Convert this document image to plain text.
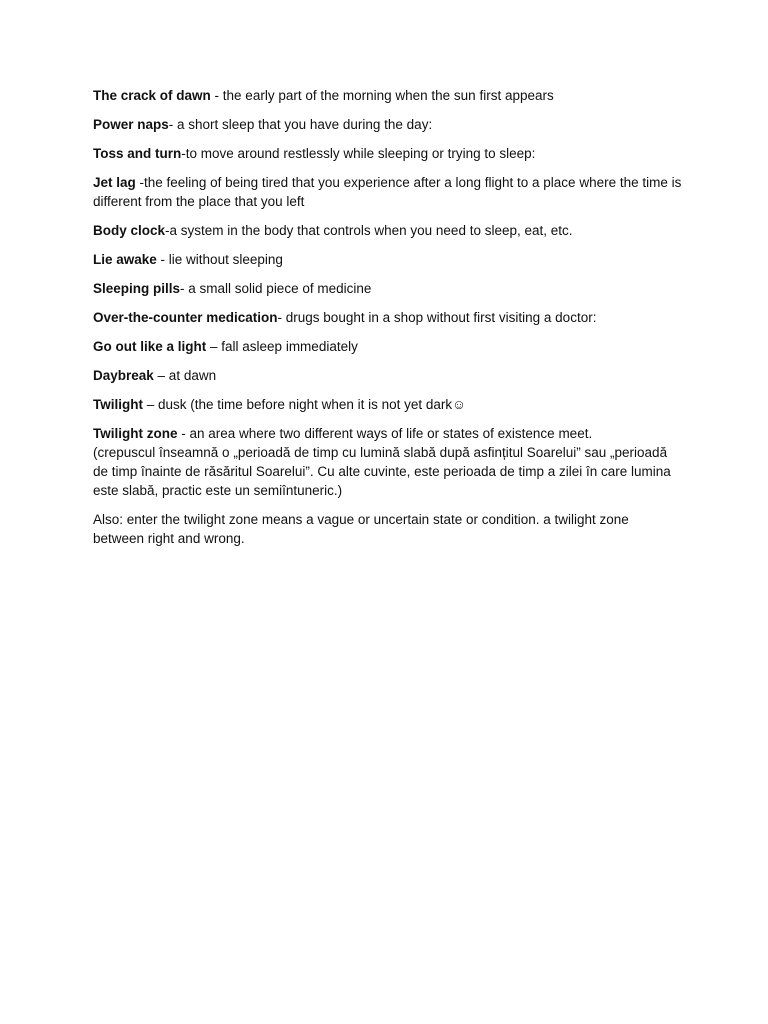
The crack of dawn - the early part of the morning when the sun first appears

Power naps- a short sleep that you have during the day:

Toss and turn-to move around restlessly while sleeping or trying to sleep:

Jet lag -the feeling of being tired that you experience after a long flight to a place where the time is different from the place that you left

Body clock-a system in the body that controls when you need to sleep, eat, etc.

Lie awake - lie without sleeping

Sleeping pills- a small solid piece of medicine

Over-the-counter medication- drugs bought in a shop without first visiting a doctor:

Go out like a light – fall asleep immediately

Daybreak – at dawn

Twilight – dusk (the time before night when it is not yet dark☺

Twilight zone - an area where two different ways of life or states of existence meet.
(crepuscul înseamnă o „perioadă de timp cu lumină slabă după asfințitul Soarelui” sau „perioadă de timp înainte de răsăritul Soarelui”. Cu alte cuvinte, este perioada de timp a zilei în care lumina este slabă, practic este un semiîntuneric.)

Also: enter the twilight zone means a vague or uncertain state or condition. a twilight zone between right and wrong.
